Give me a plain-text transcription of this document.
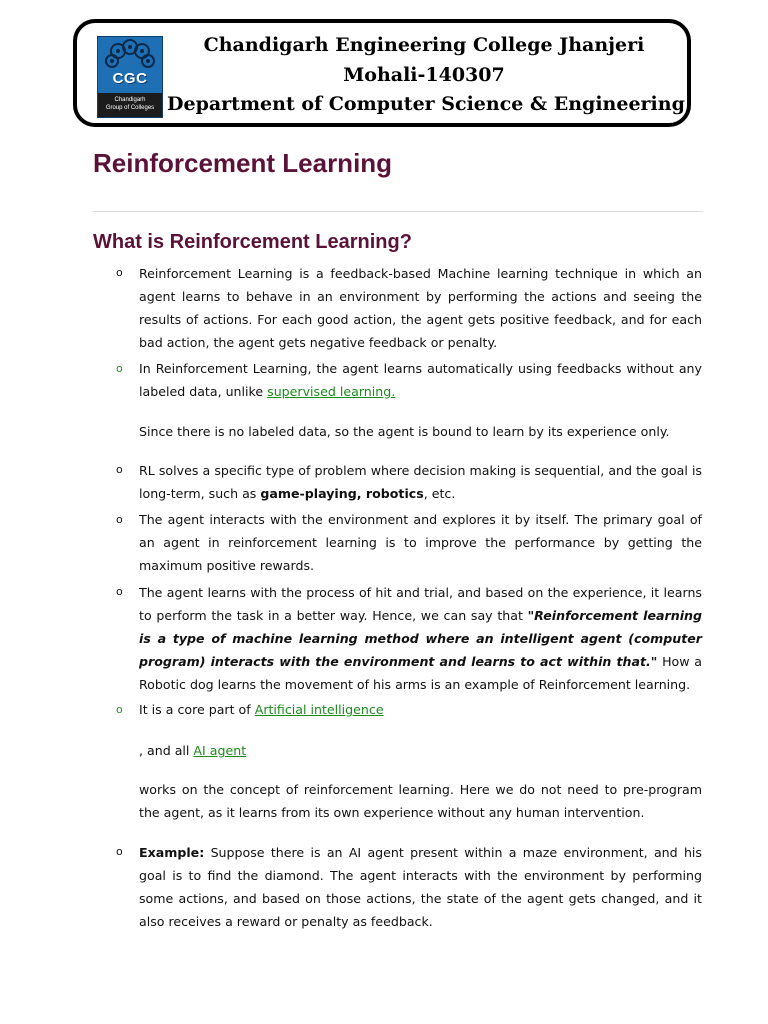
CGC
Chandigarh
Group of Colleges
Chandigarh Engineering College Jhanjeri
Mohali-140307
Department of Computer Science & Engineering
Reinforcement Learning
What is Reinforcement Learning?
o Reinforcement Learning is a feedback-based Machine learning technique in which an agent learns to behave in an environment by performing the actions and seeing the results of actions. For each good action, the agent gets positive feedback, and for each bad action, the agent gets negative feedback or penalty.

o In Reinforcement Learning, the agent learns automatically using feedbacks without any labeled data, unlike supervised learning.

Since there is no labeled data, so the agent is bound to learn by its experience only.

o RL solves a specific type of problem where decision making is sequential, and the goal is long-term, such as game-playing, robotics, etc.

o The agent interacts with the environment and explores it by itself. The primary goal of an agent in reinforcement learning is to improve the performance by getting the maximum positive rewards.

o The agent learns with the process of hit and trial, and based on the experience, it learns to perform the task in a better way. Hence, we can say that "Reinforcement learning is a type of machine learning method where an intelligent agent (computer program) interacts with the environment and learns to act within that." How a Robotic dog learns the movement of his arms is an example of Reinforcement learning.

o It is a core part of Artificial intelligence

, and all AI agent

works on the concept of reinforcement learning. Here we do not need to pre-program the agent, as it learns from its own experience without any human intervention.

o Example: Suppose there is an AI agent present within a maze environment, and his goal is to find the diamond. The agent interacts with the environment by performing some actions, and based on those actions, the state of the agent gets changed, and it also receives a reward or penalty as feedback.
